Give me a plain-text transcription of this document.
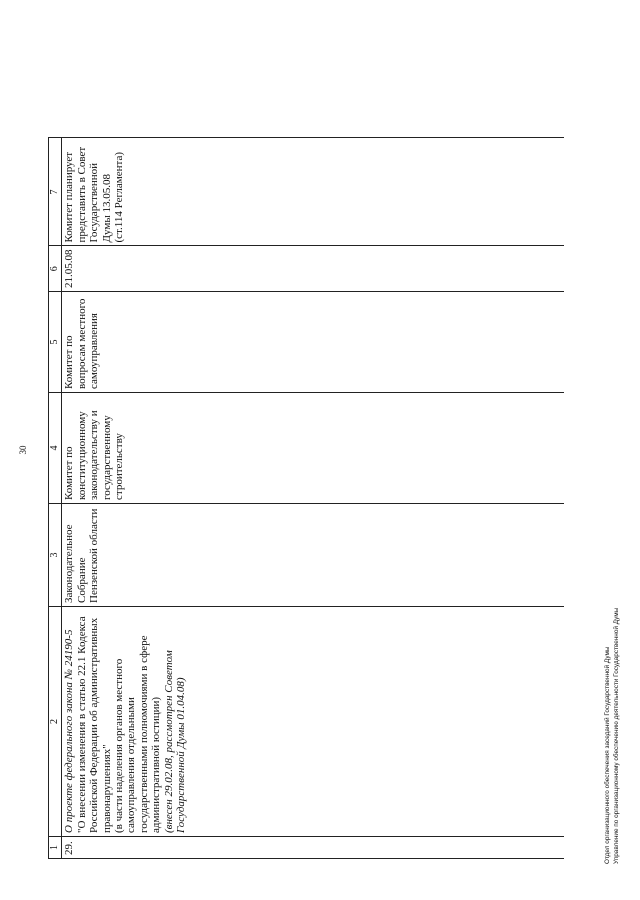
30
1	2	3	4	5	6	7
29.	О проекте федерального закона № 24190-5 "О внесении изменения в статью 22.1 Кодекса Российской Федерации об административных правонарушениях" (в части наделения органов местного самоуправления отдельными государственными полномочиями в сфере административной юстиции) (внесен 29.02.08, рассмотрен Советом Государственной Думы 01.04.08)	Законодательное Собрание Пензенской области	Комитет по конституционному законодательству и государственному строительству	Комитет по вопросам местного самоуправления	21.05.08	Комитет планирует представить в Совет Государственной Думы 13.05.08 (ст.114 Регламента)
Отдел организационного обеспечения заседаний Государственной Думы Управление по организационному обеспечению деятельности Государственной Думы
